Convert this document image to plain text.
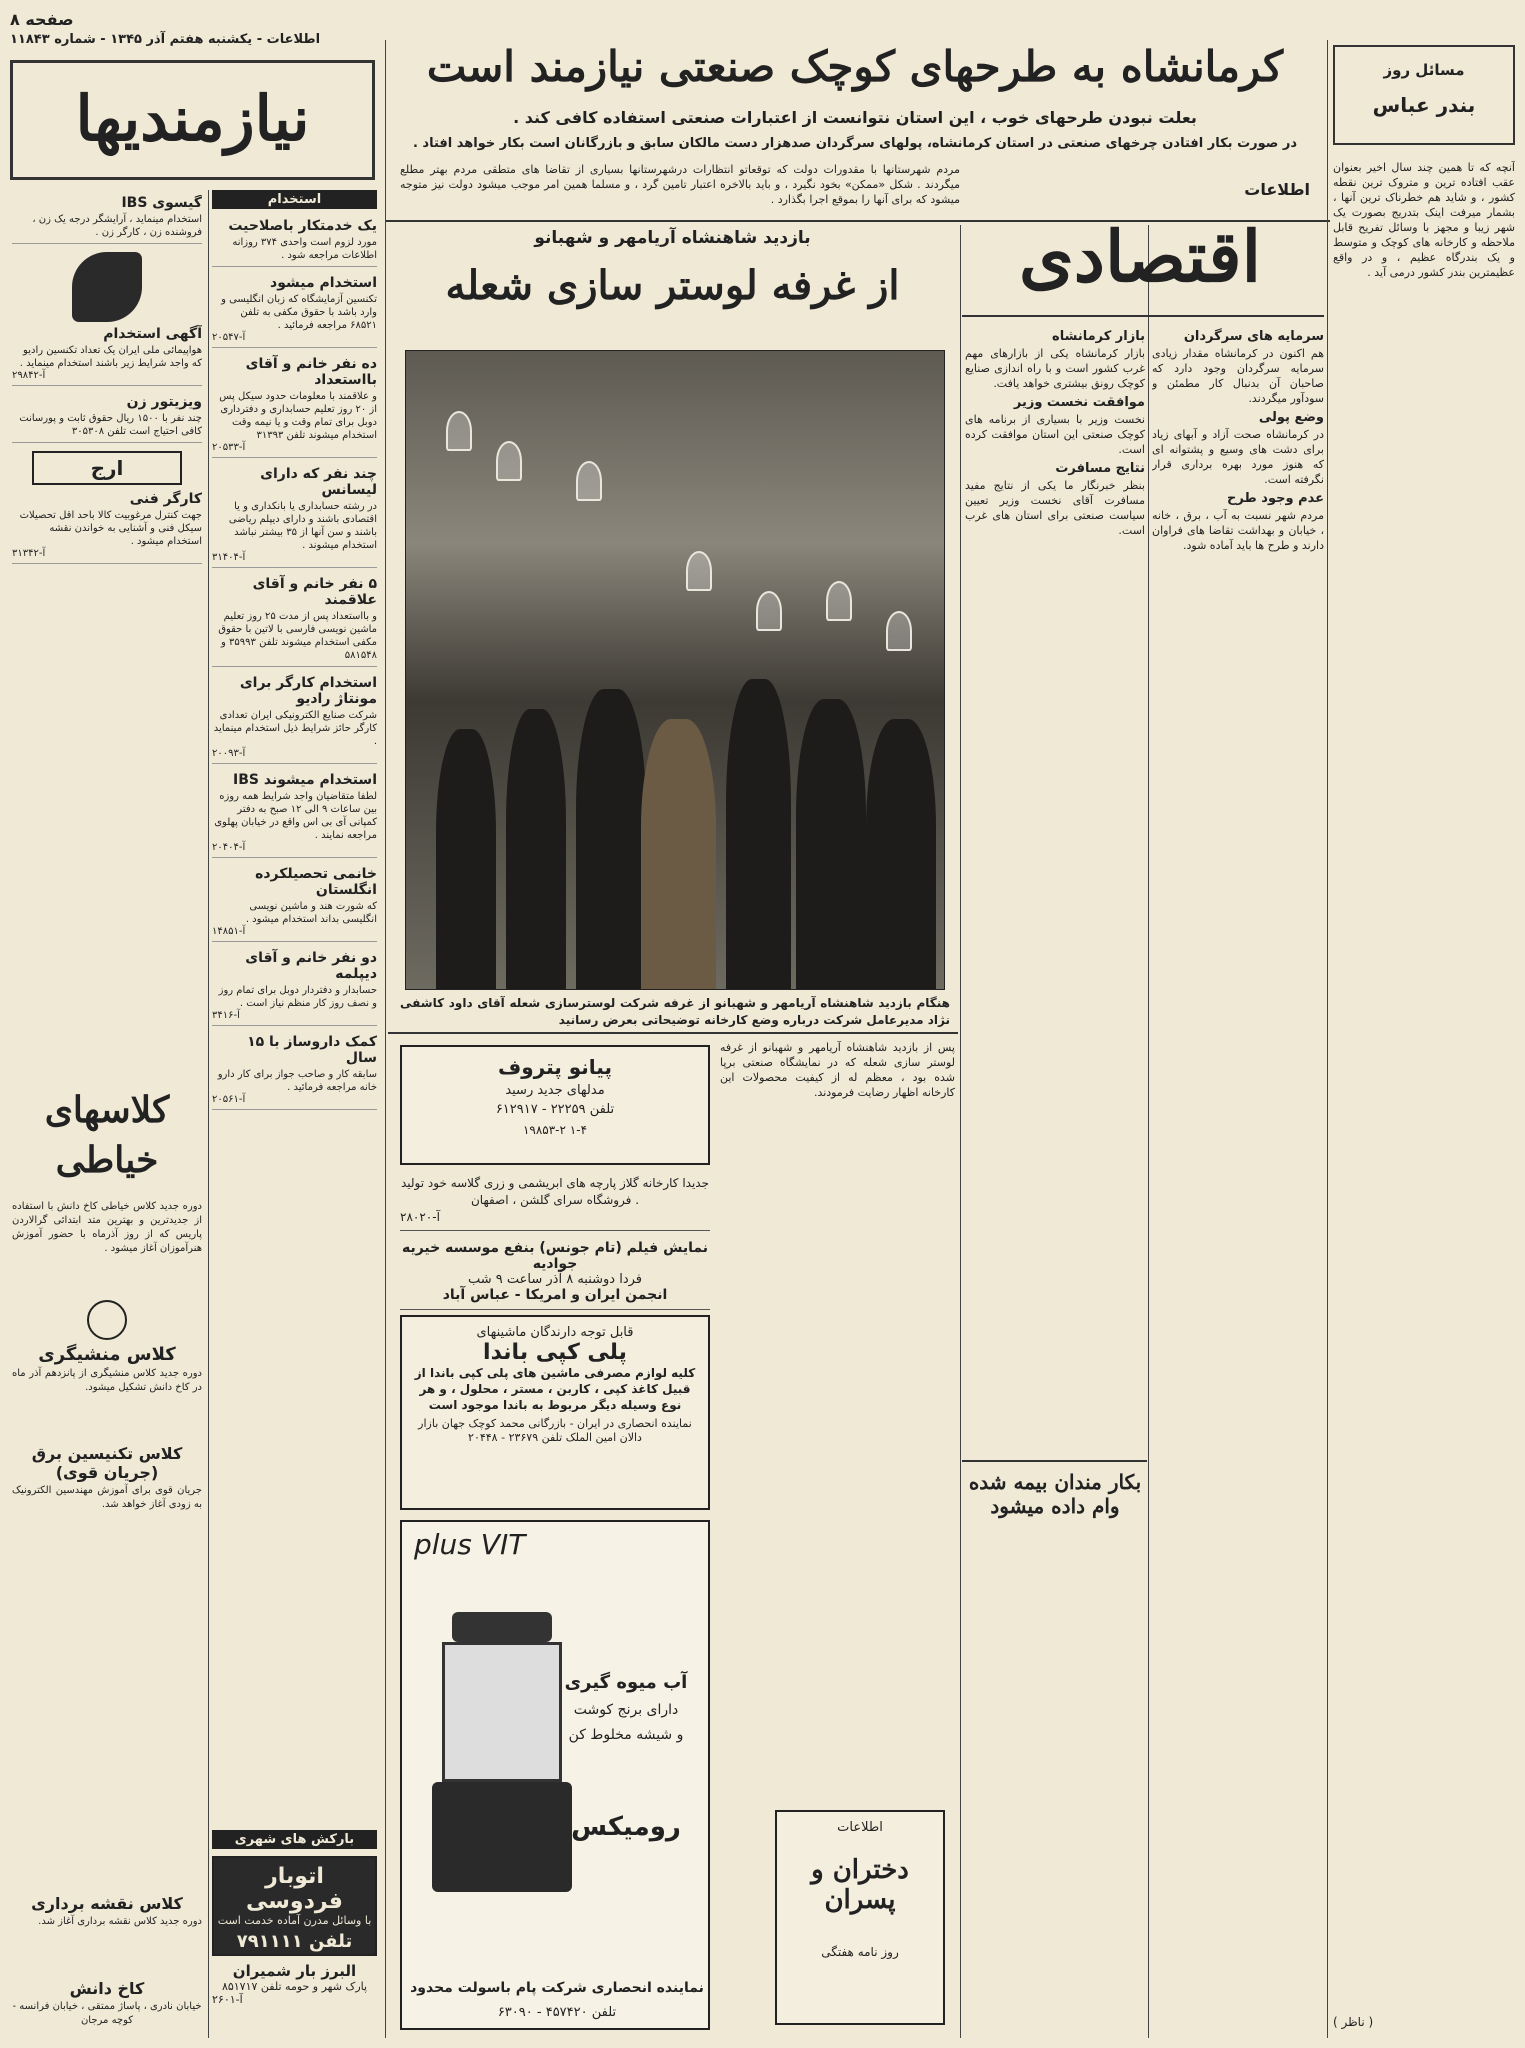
اطلاعات - یکشنبه هفتم آذر ۱۳۴۵ - شماره ۱۱۸۴۳
صفحه ۸
نیازمندیها
کرمانشاه به طرحهای کوچک صنعتی نیازمند است
بعلت نبودن طرحهای خوب ، این استان نتوانست از اعتبارات صنعتی استفاده کافی کند .
در صورت بکار افتادن چرخهای صنعتی در استان کرمانشاه، پولهای سرگردان صدهزار دست مالکان سابق و بازرگانان است بکار خواهد افتاد .
مردم شهرستانها با مقدورات دولت که توقعاتو انتظارات درشهرستانها بسیاری از تقاضا های متطقی مردم بهتر مطلع میگردند . شکل «ممکن» بخود نگیرد ، و باید بالاخره اعتبار تامین گرد ، و مسلما همین امر موجب میشود دولت نیز متوجه میشود که برای آنها را بموقع اجرا بگذارد .
مسائل روز
بندر عباس
آنچه که تا همین چند سال اخیر بعنوان عقب افتاده ترین و متروک ترین نقطه کشور ، و شاید هم خطرناک ترین آنها ، بشمار میرفت اینک بتدریج بصورت یک شهر زیبا و مجهز با وسائل تفریح قابل ملاحظه و کارخانه های کوچک و متوسط و یک بندرگاه عظیم ، و در واقع عظیمترین بندر کشور درمی آید .
( ناظر )
اطلاعات
اقتصادی
سرمایه های سرگردان
هم اکنون در کرمانشاه مقدار زیادی سرمایه سرگردان وجود دارد که صاحبان آن بدنبال کار مطمئن و سودآور میگردند.
وضع پولی
در کرمانشاه صحت آزاد و آبهای زیاد برای دشت های وسیع و پشتوانه ای که هنوز مورد بهره برداری قرار نگرفته است.
عدم وجود طرح
مردم شهر نسبت به آب ، برق ، خانه ، خیابان و بهداشت تقاضا های فراوان دارند و طرح ها باید آماده شود.
بازار کرمانشاه
بازار کرمانشاه یکی از بازارهای مهم غرب کشور است و با راه اندازی صنایع کوچک رونق بیشتری خواهد یافت.
موافقت نخست وزیر
نخست وزیر با بسیاری از برنامه های کوچک صنعتی این استان موافقت کرده است.
نتایج مسافرت
بنظر خبرنگار ما یکی از نتایج مفید مسافرت آقای نخست وزیر تعیین سیاست صنعتی برای استان های غرب است.
بکار مندان بیمه شده وام داده میشود
بازدید شاهنشاه آریامهر و شهبانو
از غرفه لوستر سازی شعله
هنگام بازدید شاهنشاه آریامهر و شهبانو از غرفه شرکت لوسترسازی شعله آقای داود کاشفی نژاد مدیرعامل شرکت درباره وضع کارخانه توضیحاتی بعرض رسانید
پس از بازدید شاهنشاه آریامهر و شهبانو از غرفه لوستر سازی شعله که در نمایشگاه صنعتی برپا شده بود ، معظم له از کیفیت محصولات این کارخانه اظهار رضایت فرمودند.
پیانو پتروف
مدلهای جدید رسید
تلفن ۲۲۲۵۹ - ۶۱۲۹۱۷
۱-۴ ۱۹۸۵۳-۲
جدیدا کارخانه گلاز پارچه های ابریشمی و زری گلاسه خود تولید . فروشگاه سرای گلشن ، اصفهان
آ-۲۸۰۲۰
نمایش فیلم (تام جونس) بنفع موسسه خیریه جوادیه
فردا دوشنبه ۸ آذر ساعت ۹ شب
انجمن ایران و امریکا - عباس آباد
قابل توجه دارندگان ماشینهای
پلی کپی باندا
کلیه لوازم مصرفی ماشین های پلی کپی باندا از قبیل کاغذ کپی ، کاربن ، مستر ، محلول ، و هر نوع وسیله دیگر مربوط به باندا موجود است
نماینده انحصاری در ایران - بازرگانی محمد کوچک جهان بازار دالان امین الملک تلفن ۲۳۶۷۹ - ۲۰۴۴۸
plus VIT
آب میوه گیری
دارای برنج کوشت
و شیشه مخلوط کن
رومیکس
نماینده انحصاری شرکت پام باسولت محدود
تلفن ۴۵۷۴۲۰ - ۶۳۰۹۰
اطلاعات
دختران و پسران
روز نامه هفتگی
استخدام
یک خدمتکار باصلاحیت

مورد لزوم است واحدی ۳۷۴ روزانه اطلاعات مراجعه شود .

استخدام میشود

تکنسین آزمایشگاه که زبان انگلیسی و وارد باشد با حقوق مکفی به تلفن ۶۸۵۲۱ مراجعه فرمائید .

آ-۲۰۵۴۷
ده نفر خانم و آقای بااستعداد

و علاقمند با معلومات حدود سیکل پس از ۲۰ روز تعلیم حسابداری و دفترداری دوبل برای تمام وقت و یا نیمه وقت استخدام میشوند تلفن ۳۱۳۹۳

آ-۲۰۵۳۳
چند نفر که دارای لیسانس

در رشته حسابداری یا بانکداری و یا اقتصادی باشند و دارای دیپلم ریاضی باشند و سن آنها از ۳۵ بیشتر نباشد استخدام میشوند .

آ-۳۱۴۰۴
۵ نفر خانم و آقای علاقمند

و بااستعداد پس از مدت ۲۵ روز تعلیم ماشین نویسی فارسی با لاتین با حقوق مکفی استخدام میشوند تلفن ۳۵۹۹۳ و ۵۸۱۵۴۸

استخدام کارگر برای مونتاژ رادیو

شرکت صنایع الکترونیکی ایران تعدادی کارگر حائز شرایط ذیل استخدام مینماید .

آ-۲۰۰۹۳
استخدام میشوند IBS

لطفا متقاضیان واجد شرایط همه روزه بین ساعات ۹ الی ۱۲ صبح به دفتر کمپانی آی بی اس واقع در خیابان پهلوی مراجعه نمایند .

آ-۲۰۴۰۴
خانمی تحصیلکرده انگلستان

که شورت هند و ماشین نویسی انگلیسی بداند استخدام میشود .

آ-۱۴۸۵۱
دو نفر خانم و آقای دیپلمه

حسابدار و دفتردار دوبل برای تمام روز و نصف روز کار منظم نیاز است .

آ-۳۴۱۶
کمک داروساز با ۱۵ سال

سابقه کار و صاحب جواز برای کار دارو خانه مراجعه فرمائید .

آ-۲۰۵۶۱
بارکش های شهری
اتوبار فردوسی
با وسائل مدرن آماده خدمت است
تلفن ۷۹۱۱۱۱
البرز بار شمیران
پارک شهر و حومه تلفن ۸۵۱۷۱۷
آ-۲۶۰۱
گیسوی IBS

استخدام مینماید ، آرایشگر درجه یک زن ، فروشنده زن ، کارگر زن .

آگهی استخدام

هواپیمائی ملی ایران یک تعداد تکنسین رادیو که واجد شرایط زیر باشند استخدام مینماید .

آ-۲۹۸۴۲
ویزیتور زن

چند نفر با ۱۵۰۰ ریال حقوق ثابت و پورسانت کافی احتیاج است تلفن ۳۰۵۳۰۸

ارج
کارگر فنی

جهت کنترل مرغوبیت کالا باحد اقل تحصیلات سیکل فنی و آشنایی به خواندن نقشه استخدام میشود .

آ-۳۱۳۴۲
کلاسهای خیاطی
دوره جدید کلاس خیاطی کاخ دانش با استفاده از جدیدترین و بهترین متد ابتدائی گرالاردن پاریس که از روز آذرماه با حضور آموزش هنرآموزان آغاز میشود .
کلاس منشیگری
دوره جدید کلاس منشیگری از پانزدهم آذر ماه در کاخ دانش تشکیل میشود.
کلاس تکنیسین برق (جریان قوی)
جریان قوی برای آموزش مهندسین الکترونیک به زودی آغاز خواهد شد.
کلاس نقشه برداری
دوره جدید کلاس نقشه برداری آغاز شد.
کاخ دانش
خیابان نادری ، پاساژ ممتقی ، خیابان فرانسه - کوچه مرجان
